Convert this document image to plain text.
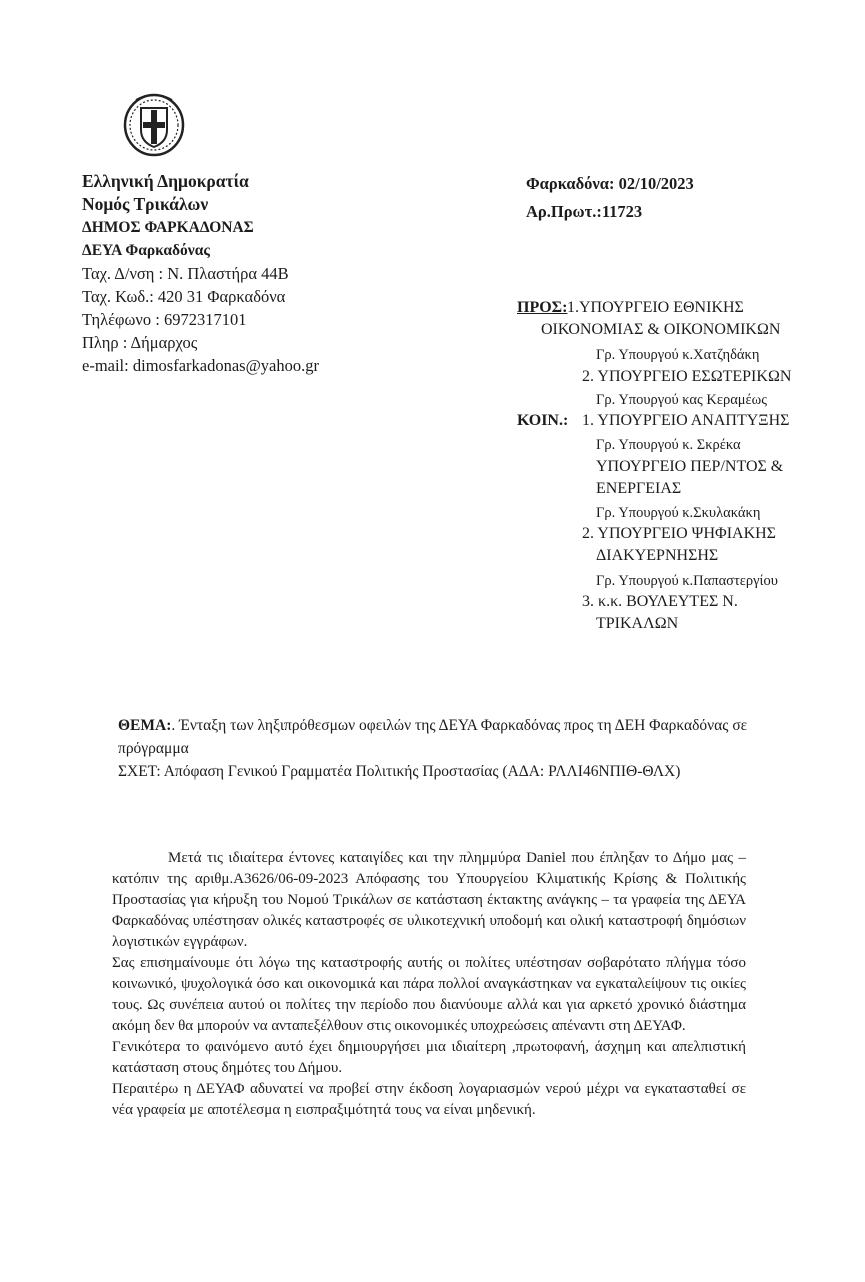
Ελληνική Δημοκρατία
Νομός Τρικάλων
ΔΗΜΟΣ ΦΑΡΚΑΔΟΝΑΣ
ΔΕΥΑ Φαρκαδόνας
Ταχ. Δ/νση : Ν. Πλαστήρα 44Β
Ταχ. Κωδ.: 420 31 Φαρκαδόνα
Τηλέφωνο : 6972317101
Πληρ : Δήμαρχος
e-mail: dimosfarkadonas@yahoo.gr
Φαρκαδόνα: 02/10/2023
Αρ.Πρωτ.:11723
ΠΡΟΣ: 1.ΥΠΟΥΡΓΕΙΟ ΕΘΝΙΚΗΣ
ΟΙΚΟΝΟΜΙΑΣ & ΟΙΚΟΝΟΜΙΚΩΝ
Γρ. Υπουργού κ.Χατζηδάκη
2. ΥΠΟΥΡΓΕΙΟ ΕΣΩΤΕΡΙΚΩΝ
Γρ. Υπουργού κας Κεραμέως
ΚΟΙΝ.: 1. ΥΠΟΥΡΓΕΙΟ ΑΝΑΠΤΥΞΗΣ
Γρ. Υπουργού κ. Σκρέκα
ΥΠΟΥΡΓΕΙΟ ΠΕΡ/ΝΤΟΣ &
ΕΝΕΡΓΕΙΑΣ
Γρ. Υπουργού κ.Σκυλακάκη
2. ΥΠΟΥΡΓΕΙΟ ΨΗΦΙΑΚΗΣ
ΔΙΑΚΥΕΡΝΗΣΗΣ
Γρ. Υπουργού κ.Παπαστεργίου
3. κ.κ. ΒΟΥΛΕΥΤΕΣ Ν.
ΤΡΙΚΑΛΩΝ
ΘΕΜΑ:. Ένταξη των ληξιπρόθεσμων οφειλών της ΔΕΥΑ Φαρκαδόνας προς τη ΔΕΗ Φαρκαδόνας σε πρόγραμμα
ΣΧΕΤ: Απόφαση Γενικού Γραμματέα Πολιτικής Προστασίας (ΑΔΑ: ΡΛΛΙ46ΝΠΙΘ-ΘΛΧ)

Μετά τις ιδιαίτερα έντονες καταιγίδες και την πλημμύρα Daniel που έπληξαν το Δήμο μας – κατόπιν της αριθμ.Α3626/06-09-2023 Απόφασης του Υπουργείου Κλιματικής Κρίσης & Πολιτικής Προστασίας για κήρυξη του Νομού Τρικάλων σε κατάσταση έκτακτης ανάγκης – τα γραφεία της ΔΕΥΑ Φαρκαδόνας υπέστησαν ολικές καταστροφές σε υλικοτεχνική υποδομή και ολική καταστροφή δημόσιων λογιστικών εγγράφων.

Σας επισημαίνουμε ότι λόγω της καταστροφής αυτής οι πολίτες υπέστησαν σοβαρότατο πλήγμα τόσο κοινωνικό, ψυχολογικά όσο και οικονομικά και πάρα πολλοί αναγκάστηκαν να εγκαταλείψουν τις οικίες τους. Ως συνέπεια αυτού οι πολίτες την περίοδο που διανύουμε αλλά και για αρκετό χρονικό διάστημα ακόμη δεν θα μπορούν να ανταπεξέλθουν στις οικονομικές υποχρεώσεις απέναντι στη ΔΕΥΑΦ.

Γενικότερα το φαινόμενο αυτό έχει δημιουργήσει μια ιδιαίτερη ,πρωτοφανή, άσχημη και απελπιστική κατάσταση στους δημότες του Δήμου.

Περαιτέρω η ΔΕΥΑΦ αδυνατεί να προβεί στην έκδοση λογαριασμών νερού μέχρι να εγκατασταθεί σε νέα γραφεία με αποτέλεσμα η εισπραξιμότητά τους να είναι μηδενική.
